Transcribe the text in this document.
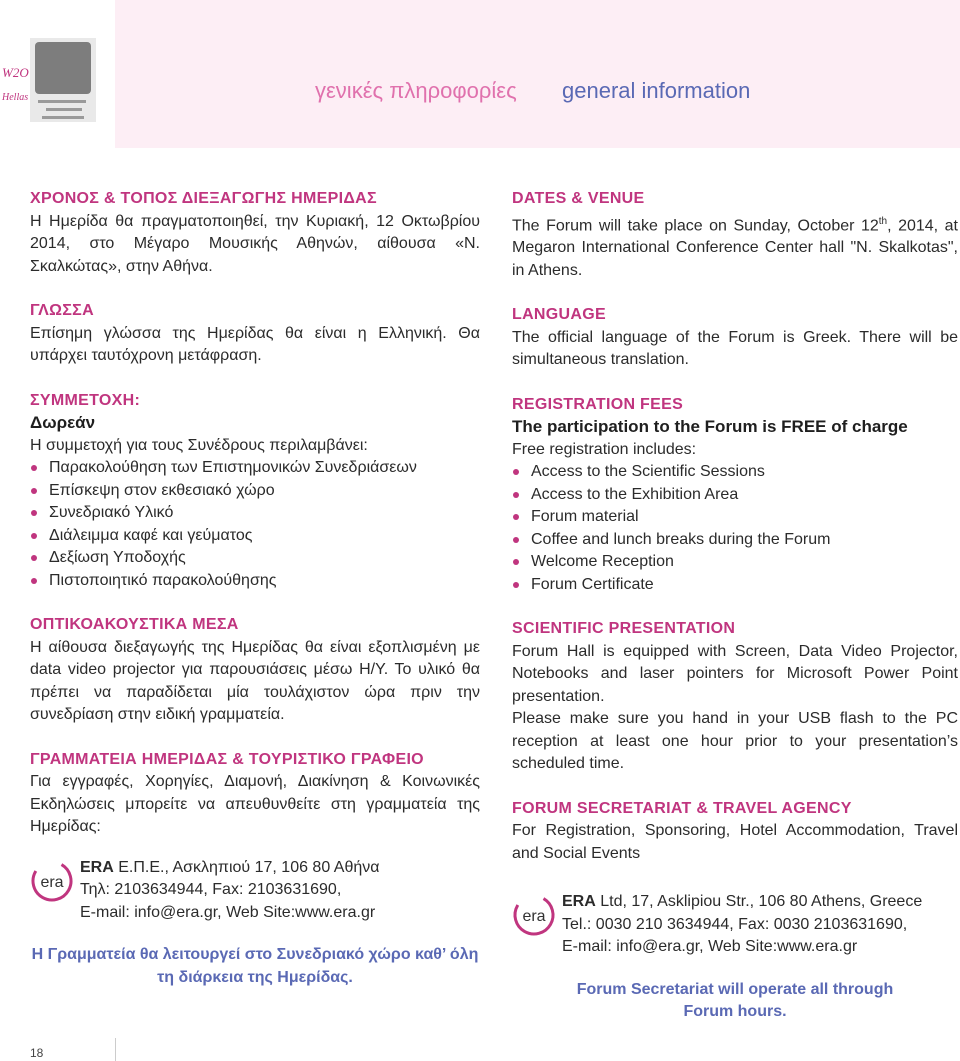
W2O
Hellas
18
γενικές πληροφορίες general information
ΧΡΟΝΟΣ & ΤΟΠΟΣ ΔΙΕΞΑΓΩΓΗΣ ΗΜΕΡΙΔΑΣ

Η Ημερίδα θα πραγματοποιηθεί, την Κυριακή, 12 Οκτωβρίου 2014, στο Μέγαρο Μουσικής Αθηνών, αίθουσα «Ν. Σκαλκώτας», στην Αθήνα.

ΓΛΩΣΣΑ

Επίσημη γλώσσα της Ημερίδας θα είναι η Ελληνική. Θα υπάρχει ταυτόχρονη μετάφραση.

ΣΥΜΜΕΤΟΧΗ:
Δωρεάν
Η συμμετοχή για τους Συνέδρους περιλαμβάνει:
Παρακολούθηση των Επιστημονικών Συνεδριάσεων
Επίσκεψη στον εκθεσιακό χώρο
Συνεδριακό Υλικό
Διάλειμμα καφέ και γεύματος
Δεξίωση Υποδοχής
Πιστοποιητικό παρακολούθησης
ΟΠΤΙΚΟΑΚΟΥΣΤΙΚΑ ΜΕΣΑ

Η αίθουσα διεξαγωγής της Ημερίδας θα είναι εξοπλισμένη με data video projector για παρουσιάσεις μέσω Η/Υ. Το υλικό θα πρέπει να παραδίδεται μία τουλάχιστον ώρα πριν την συνεδρίαση στην ειδική γραμματεία.

ΓΡΑΜΜΑΤΕΙΑ ΗΜΕΡΙΔΑΣ & ΤΟΥΡΙΣΤΙΚΟ ΓΡΑΦΕΙΟ

Για εγγραφές, Χορηγίες, Διαμονή, Διακίνηση & Κοινωνικές Εκδηλώσεις μπορείτε να απευθυνθείτε στη γραμματεία της Ημερίδας:

era
ERA Ε.Π.Ε., Ασκληπιού 17, 106 80 Αθήνα
Τηλ: 2103634944, Fax: 2103631690,
E-mail: info@era.gr, Web Site:www.era.gr
Η Γραμματεία θα λειτουργεί στο Συνεδριακό χώρο καθ’ όλη τη διάρκεια της Ημερίδας.
DATES & VENUE

The Forum will take place on Sunday, October 12th, 2014, at Megaron International Conference Center hall "N. Skalkotas", in Athens.

LANGUAGE

The official language of the Forum is Greek. There will be simultaneous translation.

REGISTRATION FEES
The participation to the Forum is FREE of charge
Free registration includes:
Access to the Scientific Sessions
Access to the Exhibition Area
Forum material
Coffee and lunch breaks during the Forum
Welcome Reception
Forum Certificate
SCIENTIFIC PRESENTATION

Forum Hall is equipped with Screen, Data Video Projector, Notebooks and laser pointers for Microsoft Power Point presentation.

Please make sure you hand in your USB flash to the PC reception at least one hour prior to your presentation’s scheduled time.

FORUM SECRETARIAT & TRAVEL AGENCY

For Registration, Sponsoring, Hotel Accommodation, Travel and Social Events

era
ERA Ltd, 17, Asklipiou Str., 106 80 Athens, Greece
Tel.: 0030 210 3634944, Fax: 0030 2103631690,
E-mail: info@era.gr, Web Site:www.era.gr
Forum Secretariat will operate all through Forum hours.
